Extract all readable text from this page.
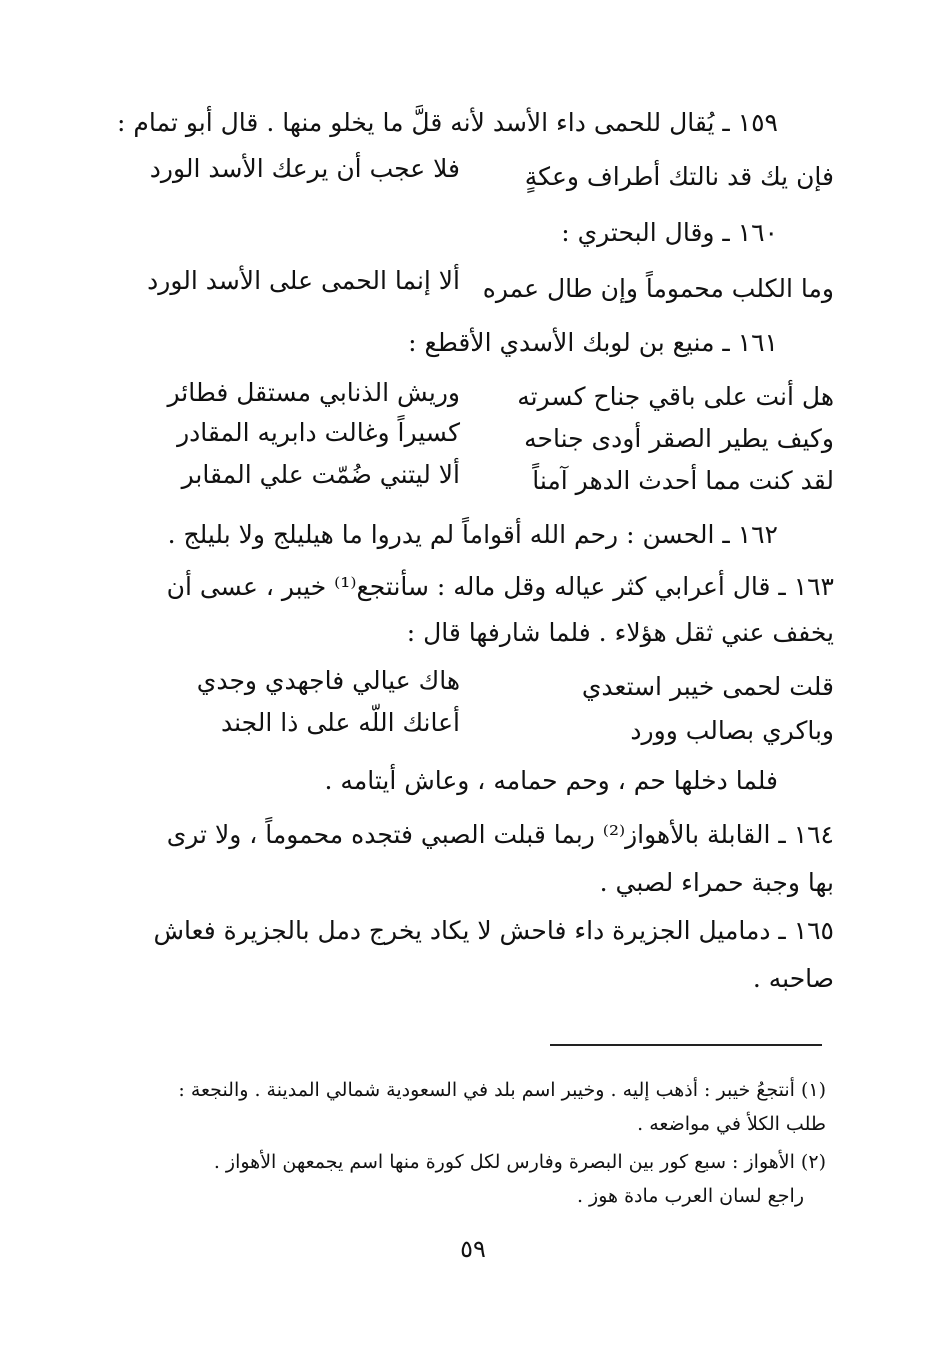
١٥٩ ـ يُقال للحمى داء الأسد لأنه قلَّ ما يخلو منها . قال أبو تمام :
فإن يك قد نالتك أطراف وعكةٍ
فلا عجب أن يرعك الأسد الورد
١٦٠ ـ وقال البحتري :
وما الكلب محموماً وإن طال عمره
ألا إنما الحمى على الأسد الورد
١٦١ ـ منيع بن لوبك الأسدي الأقطع :
هل أنت على باقي جناح كسرته
وريش الذنابي مستقل فطائر
وكيف يطير الصقر أودى جناحه
كسيراً وغالت دابريه المقادر
لقد كنت مما أحدث الدهر آمناً
ألا ليتني ضُمّت علي المقابر
١٦٢ ـ الحسن : رحم الله أقواماً لم يدروا ما هيليلج ولا بليلج .
١٦٣ ـ قال أعرابي كثر عياله وقل ماله : سأنتجع⁽¹⁾ خيبر ، عسى أن
يخفف عني ثقل هؤلاء . فلما شارفها قال :
قلت لحمى خيبر استعدي
هاك عيالي فاجهدي وجدي
وباكري بصالب وورد
أعانك اللّه على ذا الجند
فلما دخلها حم ، وحم حمامه ، وعاش أيتامه .
١٦٤ ـ القابلة بالأهواز⁽²⁾ ربما قبلت الصبي فتجده محموماً ، ولا ترى
بها وجبة حمراء لصبي .
١٦٥ ـ دماميل الجزيرة داء فاحش لا يكاد يخرج دمل بالجزيرة فعاش
صاحبه .
(١) أنتجعُ خيبر : أذهب إليه . وخيبر اسم بلد في السعودية شمالي المدينة . والنجعة :
طلب الكلأ في مواضعه .
(٢) الأهواز : سبع كور بين البصرة وفارس لكل كورة منها اسم يجمعهن الأهواز .
راجع لسان العرب مادة هوز .
٥٩
